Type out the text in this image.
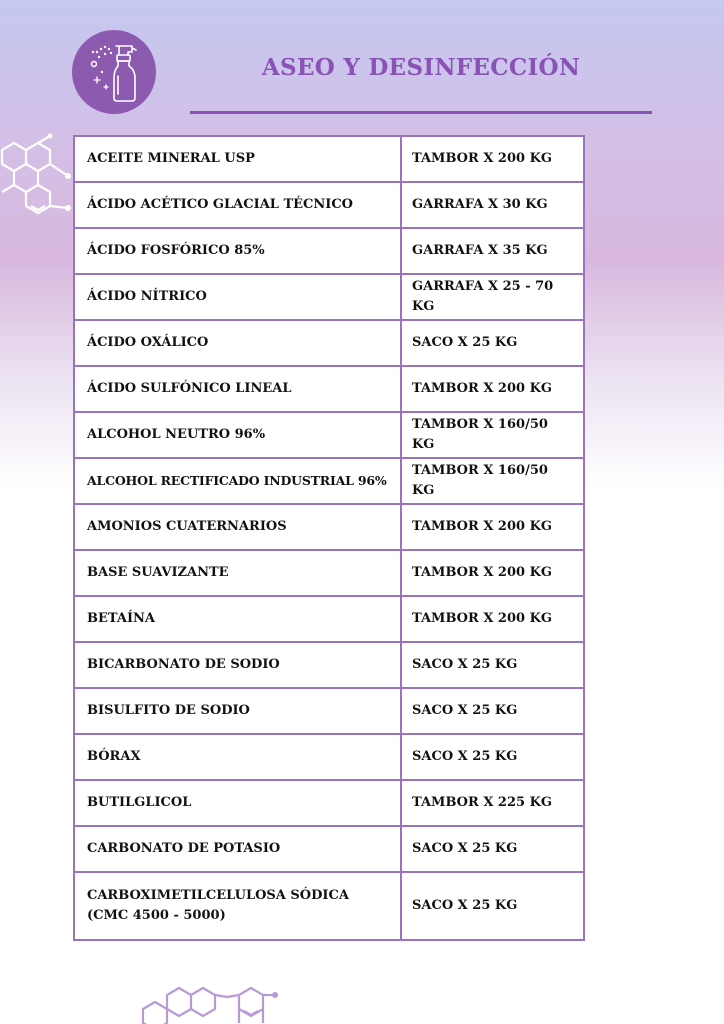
ASEO Y DESINFECCIÓN
ACEITE MINERAL USP	TAMBOR X 200 KG
ÁCIDO ACÉTICO GLACIAL TÉCNICO	GARRAFA X 30 KG
ÁCIDO FOSFÓRICO 85%	GARRAFA X 35 KG
ÁCIDO NÍTRICO	GARRAFA X 25 - 70 KG
ÁCIDO OXÁLICO	SACO X 25 KG
ÁCIDO SULFÓNICO LINEAL	TAMBOR X 200 KG
ALCOHOL NEUTRO 96%	TAMBOR X 160/50 KG
ALCOHOL RECTIFICADO INDUSTRIAL 96%	TAMBOR X 160/50 KG
AMONIOS CUATERNARIOS	TAMBOR X 200 KG
BASE SUAVIZANTE	TAMBOR X 200 KG
BETAÍNA	TAMBOR X 200 KG
BICARBONATO DE SODIO	SACO X 25 KG
BISULFITO DE SODIO	SACO X 25 KG
BÓRAX	SACO X 25 KG
BUTILGLICOL	TAMBOR X 225 KG
CARBONATO DE POTASIO	SACO X 25 KG

CARBOXIMETILCELULOSA SÓDICA
(CMC 4500 - 5000)	SACO X 25 KG
